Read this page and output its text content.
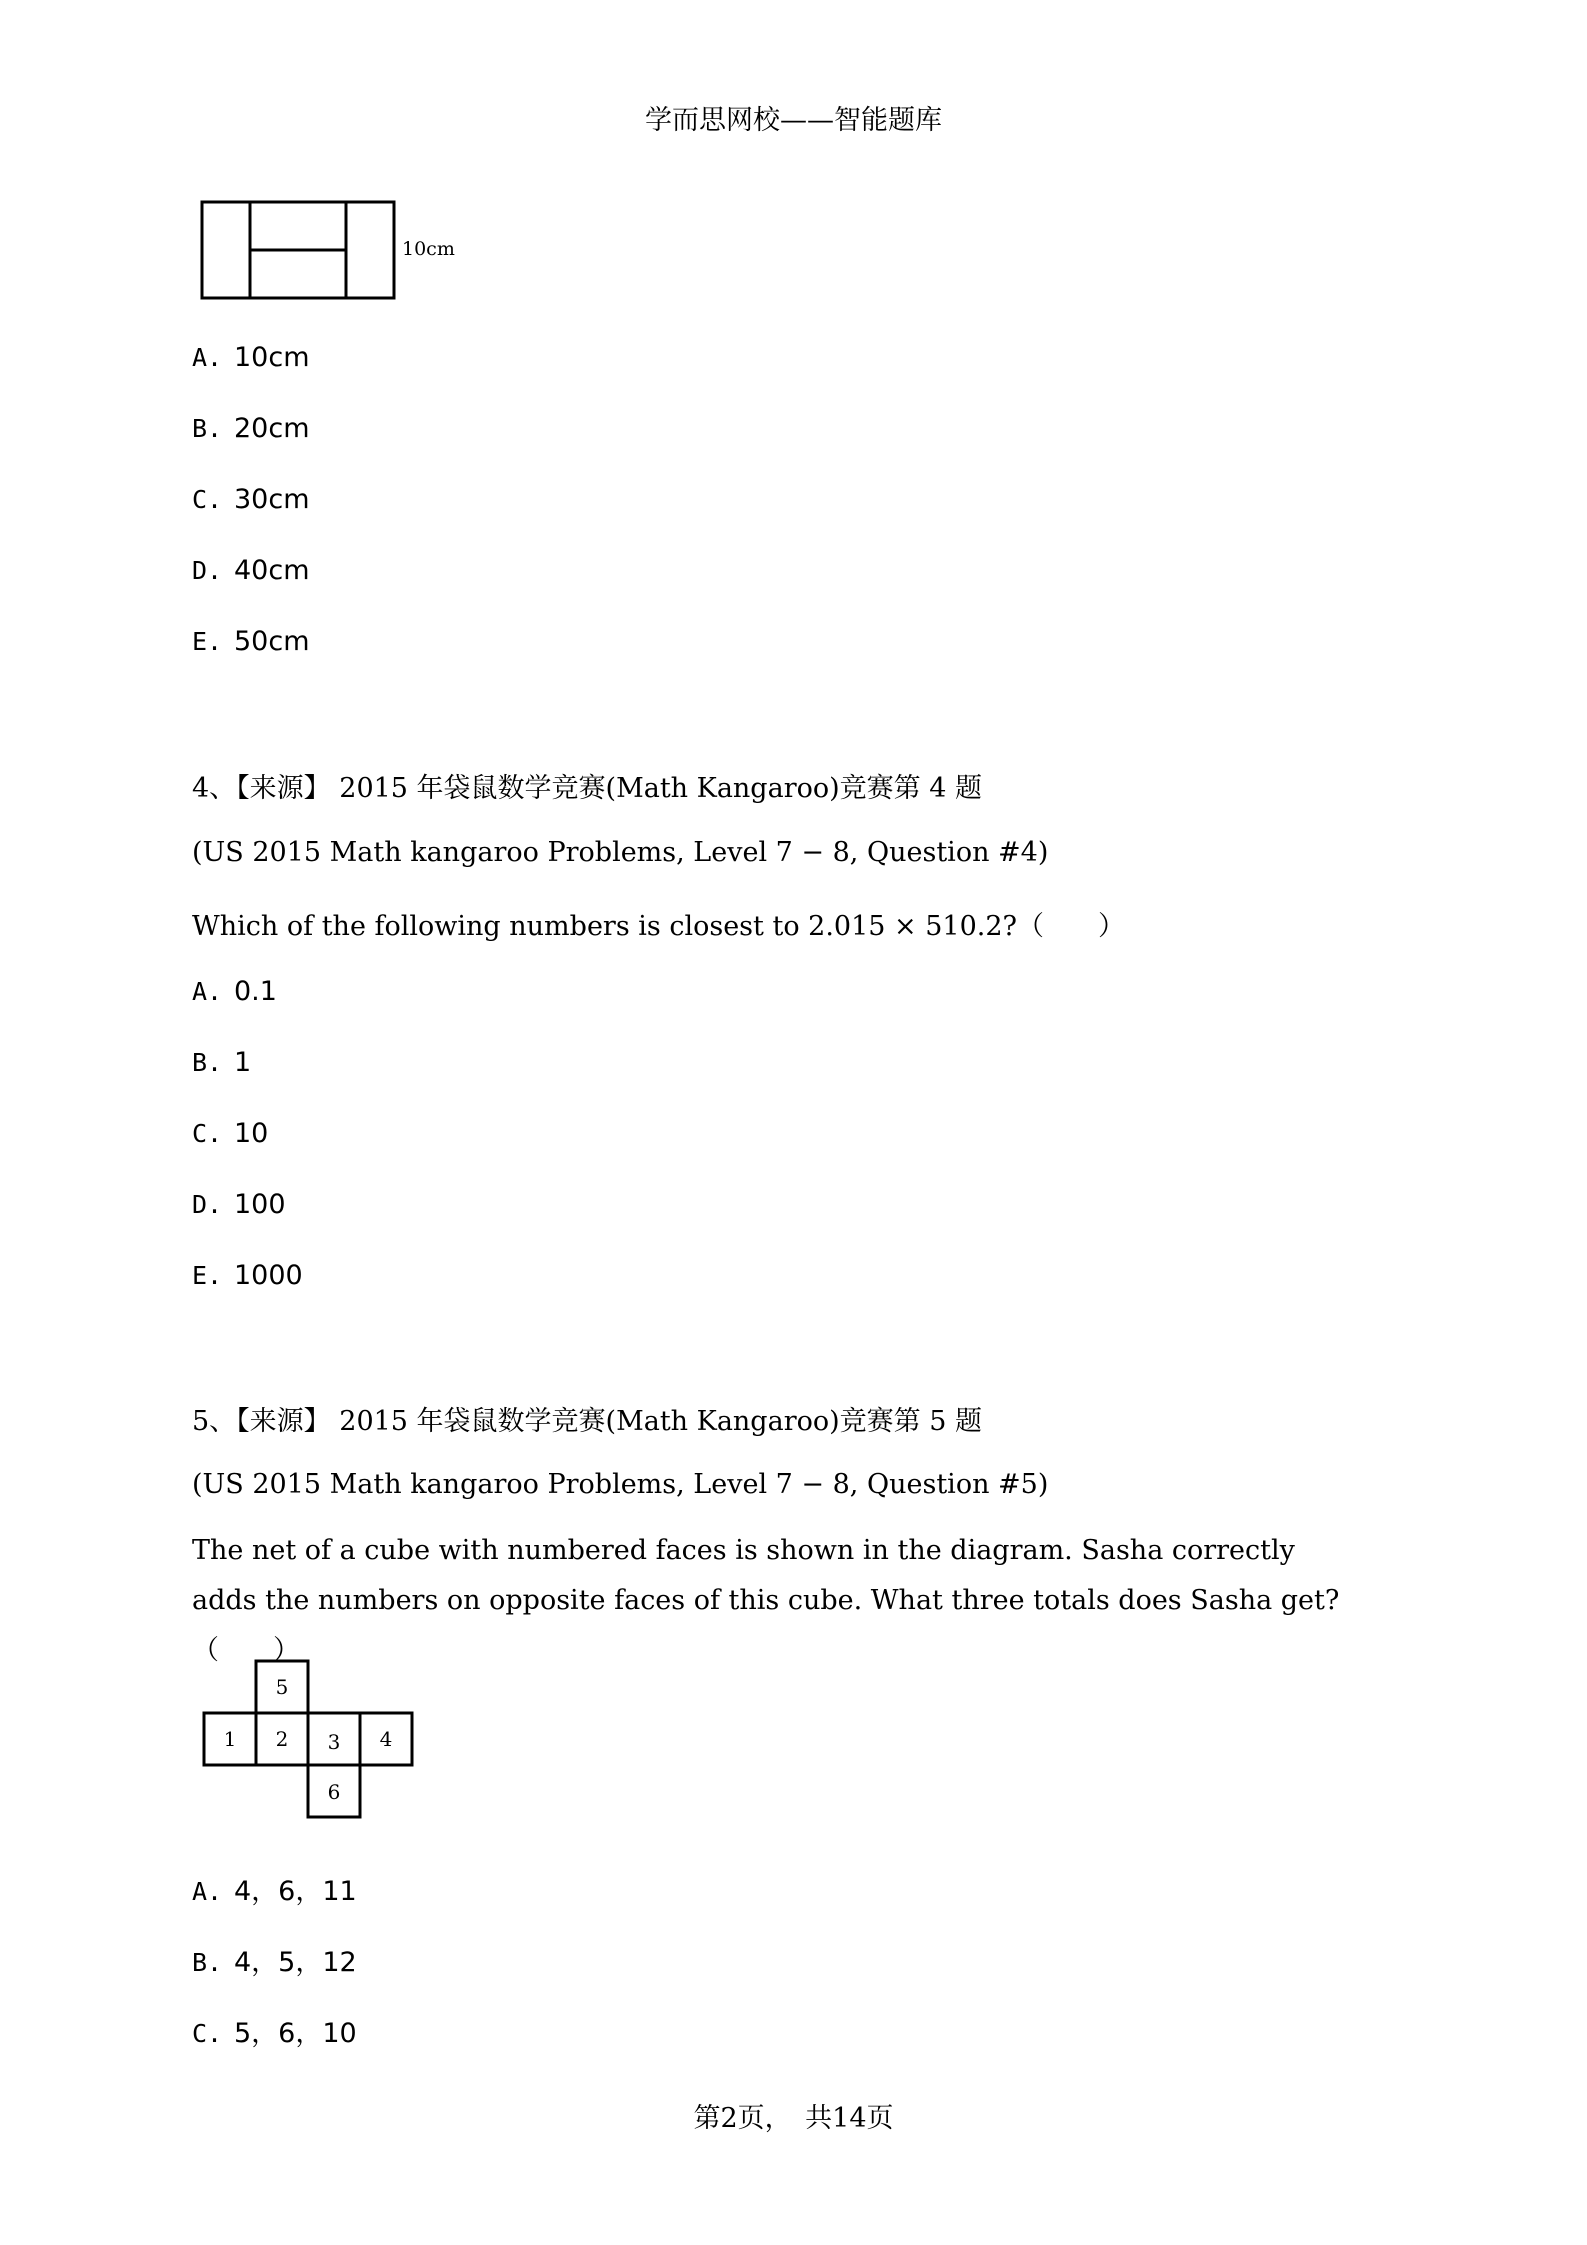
学而思网校——智能题库
10cm
A. 10cm
B. 20cm
C. 30cm
D. 40cm
E. 50cm
4、【来源】 2015 年袋鼠数学竞赛(Math Kangaroo)竞赛第 4 题
(US 2015 Math kangaroo Problems, Level 7 − 8, Question #4)
Which of the following numbers is closest to 2.015 × 510.2?（　　）
A. 0.1
B. 1
C. 10
D. 100
E. 1000
5、【来源】 2015 年袋鼠数学竞赛(Math Kangaroo)竞赛第 5 题
(US 2015 Math kangaroo Problems, Level 7 − 8, Question #5)
The net of a cube with numbered faces is shown in the diagram. Sasha correctly adds the numbers on opposite faces of this cube. What three totals does Sasha get?（　　）
5
1 2 3 4
6
A. 4，6，11
B. 4，5，12
C. 5，6，10
第2页，　共14页
